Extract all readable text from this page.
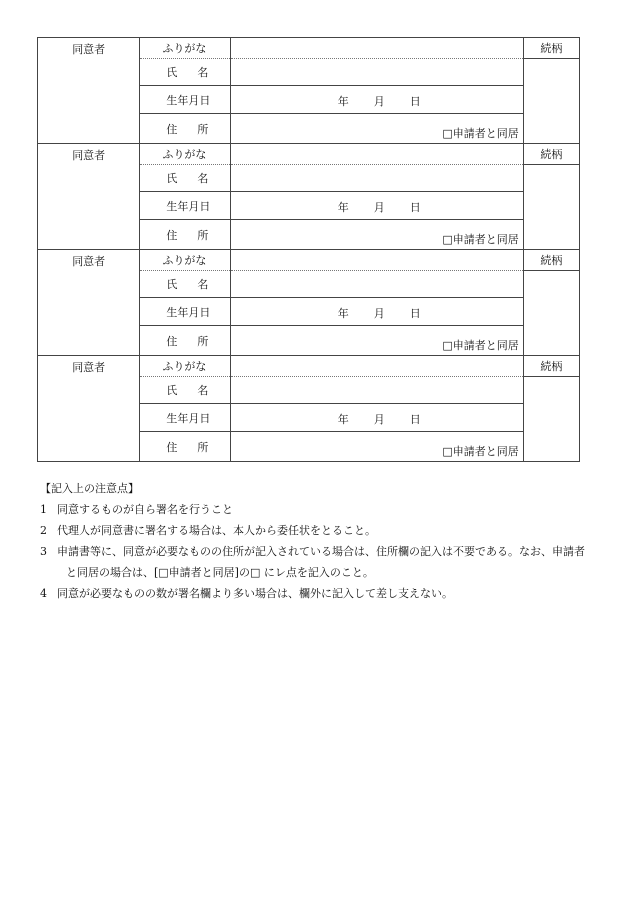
同意者	ふりがな		続柄
	氏名		
	生年月日	年 月 日	

	住所	□申請者と同居	
同意者	ふりがな		続柄
	氏名		
	生年月日	年 月 日	

	住所	□申請者と同居	
同意者	ふりがな		続柄
	氏名		
	生年月日	年 月 日	

	住所	□申請者と同居	
同意者	ふりがな		続柄
	氏名		
	生年月日	年 月 日	

	住所	□申請者と同居	

【記入上の注意点】

1 同意するものが自ら署名を行うこと
2 代理人が同意書に署名する場合は、本人から委任状をとること。
3 申請書等に、同意が必要なものの住所が記入されている場合は、住所欄の記入は不要である。なお、申請者
と同居の場合は、[□申請者と同居]の□ にレ点を記入のこと。
4 同意が必要なものの数が署名欄より多い場合は、欄外に記入して差し支えない。
